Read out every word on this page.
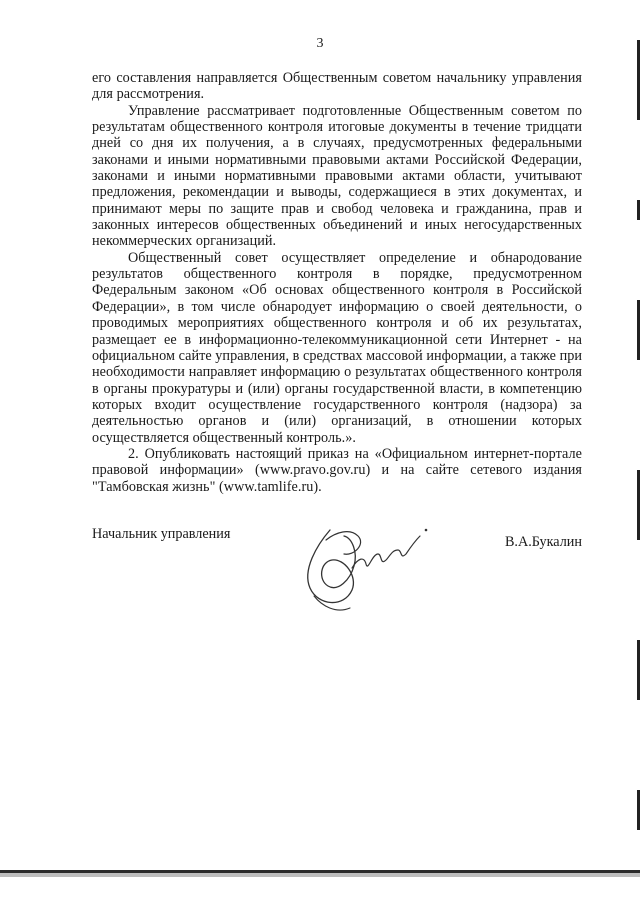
3

его составления направляется Общественным советом начальнику управления для рассмотрения.

Управление рассматривает подготовленные Общественным советом по результатам общественного контроля итоговые документы в течение тридцати дней со дня их получения, а в случаях, предусмотренных федеральными законами и иными нормативными правовыми актами Российской Федерации, законами и иными нормативными правовыми актами области, учитывают предложения, рекомендации и выводы, содержащиеся в этих документах, и принимают меры по защите прав и свобод человека и гражданина, прав и законных интересов общественных объединений и иных негосударственных некоммерческих организаций.

Общественный совет осуществляет определение и обнародование результатов общественного контроля в порядке, предусмотренном Федеральным законом «Об основах общественного контроля в Российской Федерации», в том числе обнародует информацию о своей деятельности, о проводимых мероприятиях общественного контроля и об их результатах, размещает ее в информационно-телекоммуникационной сети Интернет - на официальном сайте управления, в средствах массовой информации, а также при необходимости направляет информацию о результатах общественного контроля в органы прокуратуры и (или) органы государственной власти, в компетенцию которых входит осуществление государственного контроля (надзора) за деятельностью органов и (или) организаций, в отношении которых осуществляется общественный контроль.».

2. Опубликовать настоящий приказ на «Официальном интернет-портале правовой информации» (www.pravo.gov.ru) и на сайте сетевого издания "Тамбовская жизнь" (www.tamlife.ru).

Начальник управления	В.А.Букалин
